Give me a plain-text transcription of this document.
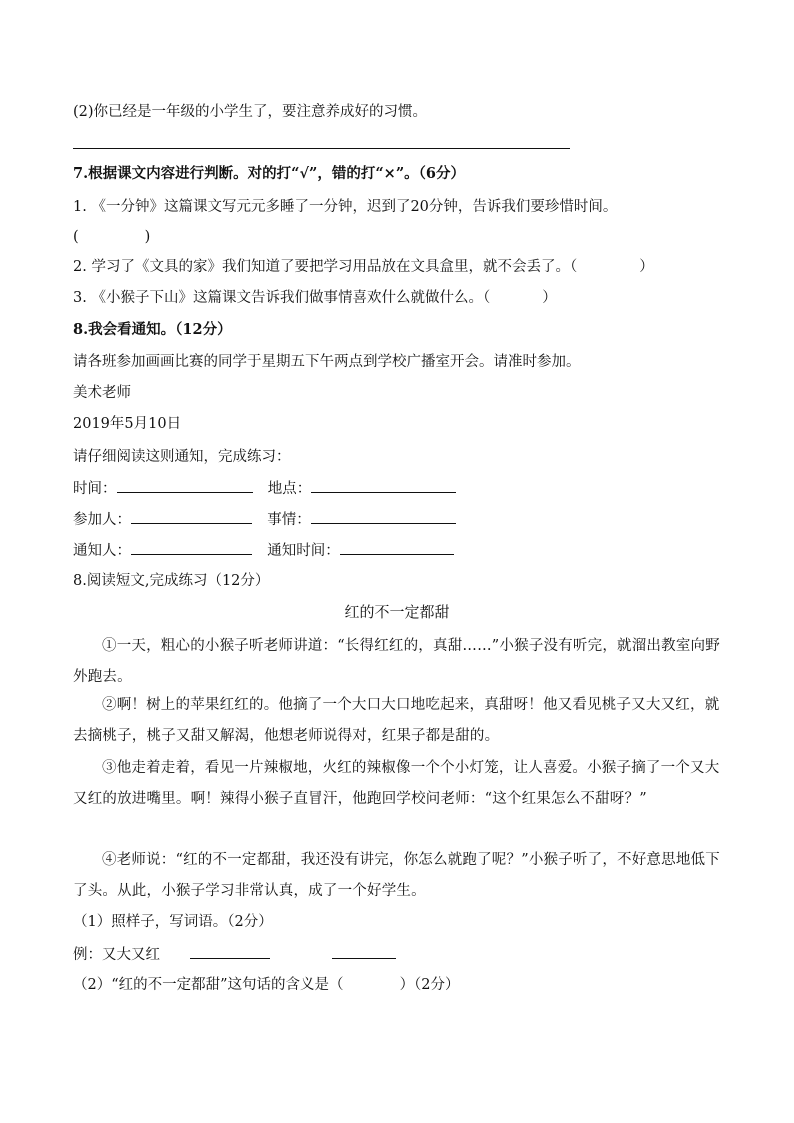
(2)你已经是一年级的小学生了，要注意养成好的习惯。
7.根据课文内容进行判断。对的打“√”，错的打“×”。（6分）
1. 《一分钟》这篇课文写元元多睡了一分钟，迟到了20分钟，告诉我们要珍惜时间。
(	)
2. 学习了《文具的家》我们知道了要把学习用品放在文具盒里，就不会丢了。（	）
3. 《小猴子下山》这篇课文告诉我们做事情喜欢什么就做什么。（	）
8.我会看通知。（12分）
请各班参加画画比赛的同学于星期五下午两点到学校广播室开会。请准时参加。
美术老师
2019年5月10日
请仔细阅读这则通知，完成练习：
时间：	地点：
参加人：	事情：
通知人：	通知时间：
8.阅读短文,完成练习（12分）
红的不一定都甜
①一天，粗心的小猴子听老师讲道：“长得红红的，真甜……”小猴子没有听完，就溜出教室向野外跑去。
②啊！树上的苹果红红的。他摘了一个大口大口地吃起来，真甜呀！他又看见桃子又大又红，就去摘桃子，桃子又甜又解渴，他想老师说得对，红果子都是甜的。
③他走着走着，看见一片辣椒地，火红的辣椒像一个个小灯笼，让人喜爱。小猴子摘了一个又大又红的放进嘴里。啊！辣得小猴子直冒汗，他跑回学校问老师：“这个红果怎么不甜呀？”
④老师说：“红的不一定都甜，我还没有讲完，你怎么就跑了呢？”小猴子听了，不好意思地低下了头。从此，小猴子学习非常认真，成了一个好学生。
（1）照样子，写词语。（2分）
例：又大又红
（2）“红的不一定都甜”这句话的含义是（	）（2分）
